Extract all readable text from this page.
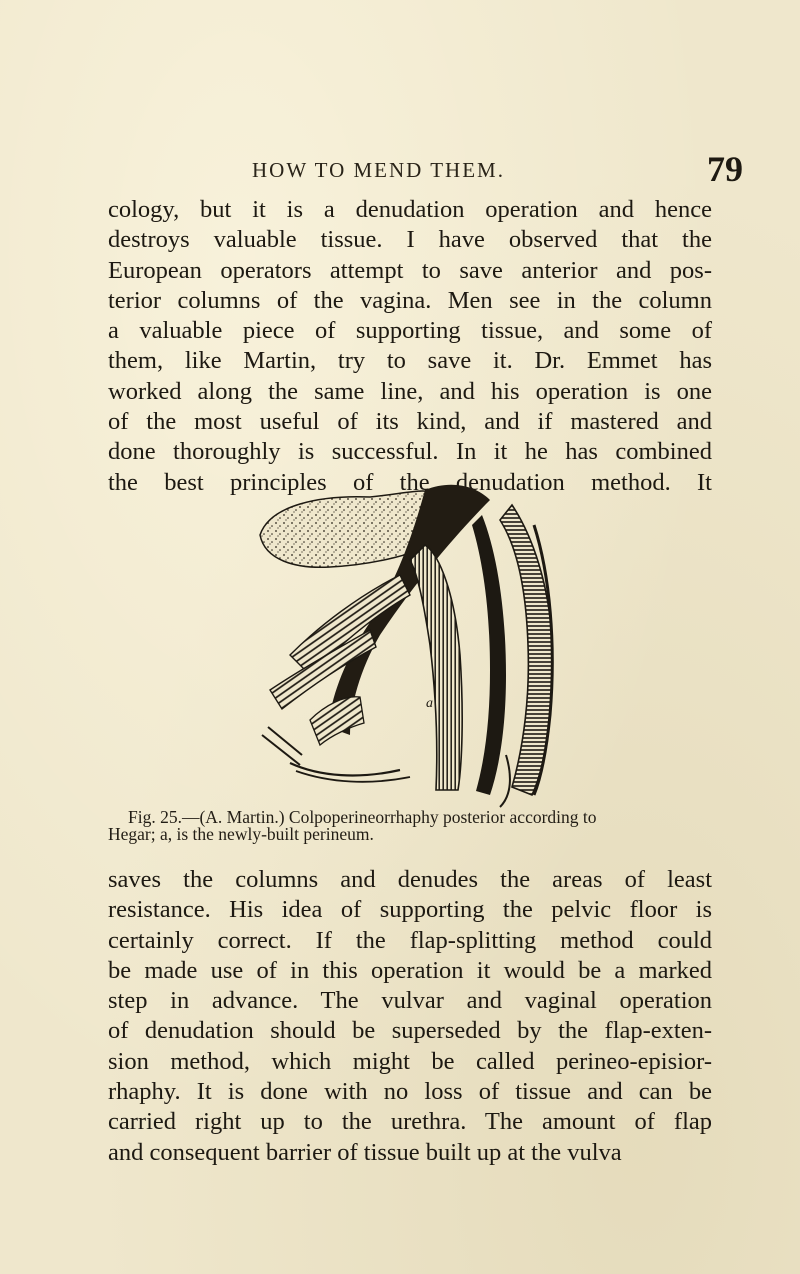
HOW TO MEND THEM.	79
cology, but it is a denudation operation and hence
destroys valuable tissue. I have observed that the
European operators attempt to save anterior and pos-
terior columns of the vagina. Men see in the column
a valuable piece of supporting tissue, and some of
them, like Martin, try to save it. Dr. Emmet has
worked along the same line, and his operation is one
of the most useful of its kind, and if mastered and
done thoroughly is successful. In it he has combined
the best principles of the denudation method. It
a
Fig. 25.—(A. Martin.) Colpoperineorrhaphy posterior according to
Hegar; a, is the newly-built perineum.
saves the columns and denudes the areas of least
resistance. His idea of supporting the pelvic floor is
certainly correct. If the flap-splitting method could
be made use of in this operation it would be a marked
step in advance. The vulvar and vaginal operation
of denudation should be superseded by the flap-exten-
sion method, which might be called perineo-episior-
rhaphy. It is done with no loss of tissue and can be
carried right up to the urethra. The amount of flap
and consequent barrier of tissue built up at the vulva
